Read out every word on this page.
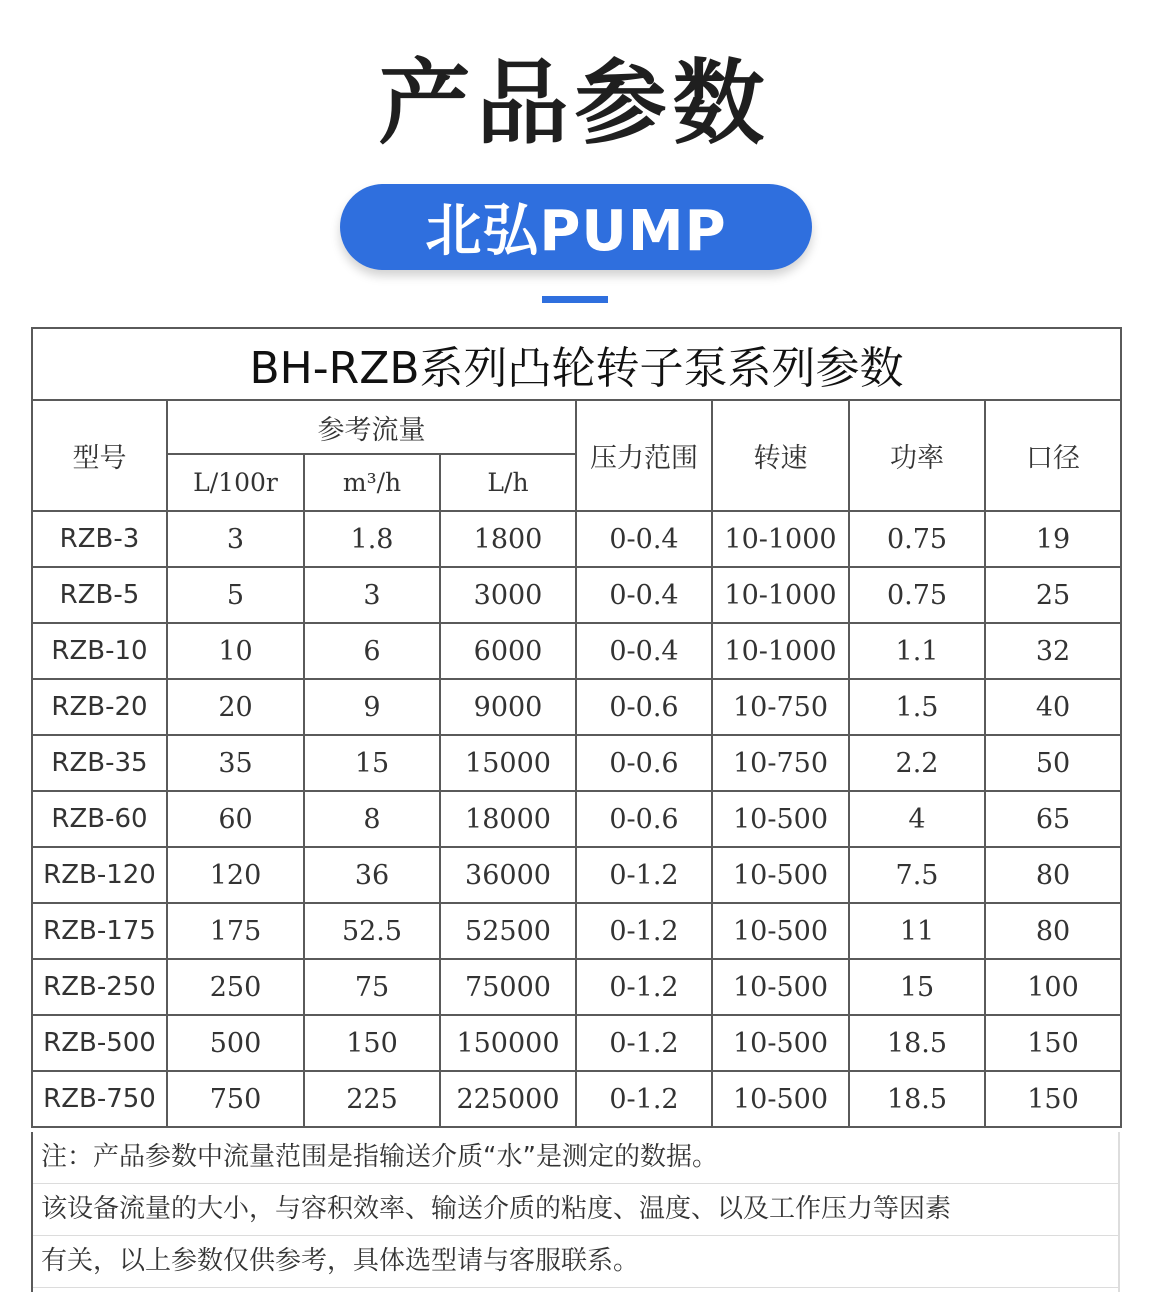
产品参数
北弘PUMP
BH-RZB系列凸轮转子泵系列参数							
型号	参考流量			压力范围	转速	功率	口径
	L/100r	m³/h	L/h				
RZB-3	3	1.8	1800	0-0.4	10-1000	0.75	19
RZB-5	5	3	3000	0-0.4	10-1000	0.75	25
RZB-10	10	6	6000	0-0.4	10-1000	1.1	32
RZB-20	20	9	9000	0-0.6	10-750	1.5	40
RZB-35	35	15	15000	0-0.6	10-750	2.2	50
RZB-60	60	8	18000	0-0.6	10-500	4	65
RZB-120	120	36	36000	0-1.2	10-500	7.5	80
RZB-175	175	52.5	52500	0-1.2	10-500	11	80
RZB-250	250	75	75000	0-1.2	10-500	15	100
RZB-500	500	150	150000	0-1.2	10-500	18.5	150
RZB-750	750	225	225000	0-1.2	10-500	18.5	150
注：产品参数中流量范围是指输送介质“水”是测定的数据。
该设备流量的大小，与容积效率、输送介质的粘度、温度、以及工作压力等因素
有关，以上参数仅供参考，具体选型请与客服联系。
